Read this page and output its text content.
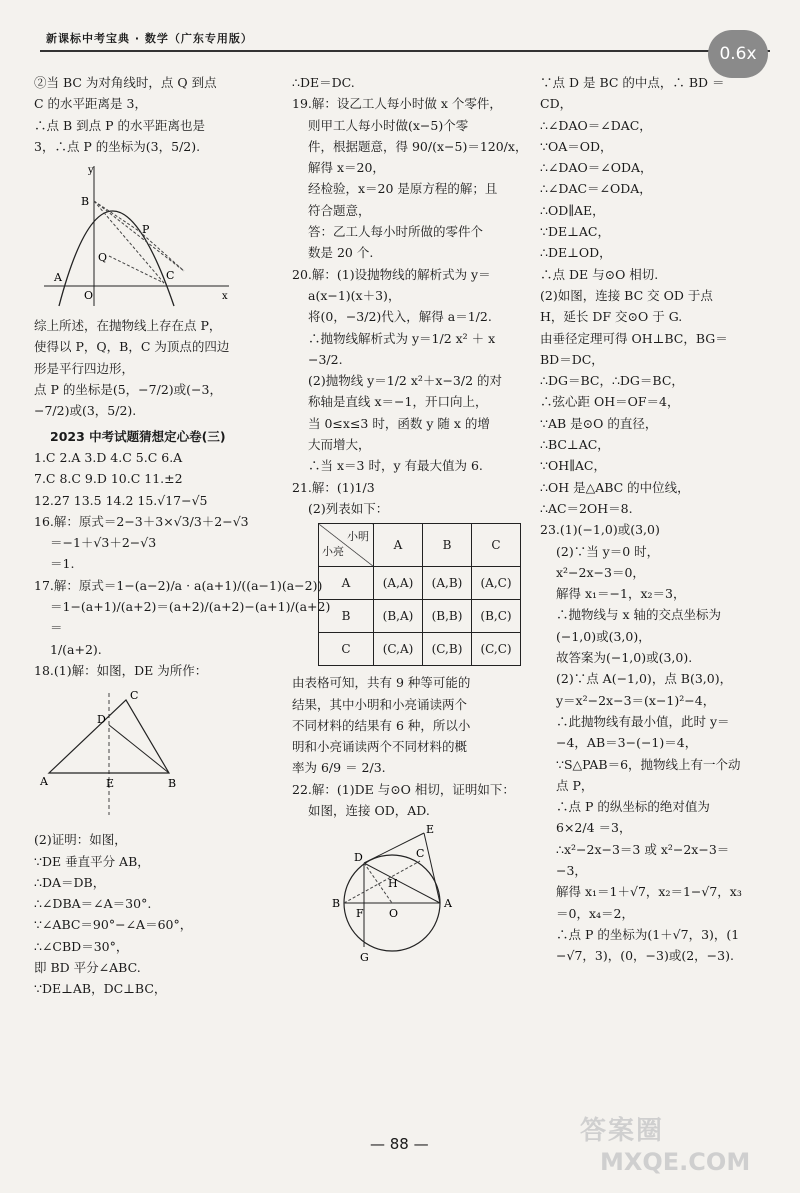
新课标中考宝典 · 数学（广东专用版）
0.6x
②当 BC 为对角线时，点 Q 到点
C 的水平距离是 3，
∴点 B 到点 P 的水平距离也是
3，∴点 P 的坐标为(3，5/2).
y
B
A
O	x
Q
P
C
综上所述，在抛物线上存在点 P，
使得以 P，Q，B，C 为顶点的四边
形是平行四边形，
点 P 的坐标是(5，−7/2)或(−3，
−7/2)或(3，5/2).
2023 中考试题猜想定心卷(三)
1.C 2.A 3.D 4.C 5.C 6.A
7.C 8.C 9.D 10.C 11.±2
12.27 13.5 14.2 15.√17−√5
16.解：原式＝2−3＋3×√3/3＋2−√3
＝−1＋√3＋2−√3
＝1.
17.解：原式＝1−(a−2)/a · a(a+1)/((a−1)(a−2))
＝1−(a+1)/(a+2)＝(a+2)/(a+2)−(a+1)/(a+2)
＝
1/(a+2).
18.(1)解：如图，DE 为所作：
C
D
A	E	B
(2)证明：如图，
∵DE 垂直平分 AB，
∴DA＝DB，
∴∠DBA＝∠A＝30°.
∵∠ABC＝90°−∠A＝60°，
∴∠CBD＝30°，
即 BD 平分∠ABC.
∵DE⊥AB，DC⊥BC，
∴DE＝DC.
19.解：设乙工人每小时做 x 个零件，
则甲工人每小时做(x−5)个零
件，根据题意，得 90/(x−5)＝120/x，
解得 x＝20，
经检验，x＝20 是原方程的解；且
符合题意，
答：乙工人每小时所做的零件个
数是 20 个.
20.解：(1)设抛物线的解析式为 y＝
a(x−1)(x＋3)，
将(0，−3/2)代入，解得 a＝1/2.
∴抛物线解析式为 y＝1/2 x² ＋ x
−3/2.
(2)抛物线 y＝1/2 x²＋x−3/2 的对
称轴是直线 x＝−1，开口向上，
当 0≤x≤3 时，函数 y 随 x 的增
大而增大，
∴当 x＝3 时，y 有最大值为 6.
21.解：(1)1/3
(2)列表如下：
小明
小亮	A	B	C
A	(A,A)	(A,B)	(A,C)
B	(B,A)	(B,B)	(B,C)
C	(C,A)	(C,B)	(C,C)
由表格可知，共有 9 种等可能的
结果，其中小明和小亮诵读两个
不同材料的结果有 6 种，所以小
明和小亮诵读两个不同材料的概
率为 6/9 ＝ 2/3.
22.解：(1)DE 与⊙O 相切，证明如下：
如图，连接 OD，AD.
E
D	C
H
B
F O
A
G
∵点 D 是 BC 的中点，∴ BD ＝
CD，
∴∠DAO＝∠DAC，
∵OA＝OD，
∴∠DAO＝∠ODA，
∴∠DAC＝∠ODA，
∴OD∥AE，
∵DE⊥AC，
∴DE⊥OD，
∴点 DE 与⊙O 相切.
(2)如图，连接 BC 交 OD 于点
H，延长 DF 交⊙O 于 G.
由垂径定理可得 OH⊥BC，BG＝
BD＝DC，
∴DG＝BC，∴DG＝BC，
∴弦心距 OH＝OF＝4，
∵AB 是⊙O 的直径，
∴BC⊥AC，
∵OH∥AC，
∴OH 是△ABC 的中位线，
∴AC＝2OH＝8.
23.(1)(−1,0)或(3,0)
(2)∵当 y＝0 时，
x²−2x−3＝0，
解得 x₁＝−1，x₂＝3，
∴抛物线与 x 轴的交点坐标为
(−1,0)或(3,0)，
故答案为(−1,0)或(3,0).
(2)∵点 A(−1,0)，点 B(3,0)，
y＝x²−2x−3＝(x−1)²−4，
∴此抛物线有最小值，此时 y＝
−4，AB＝3−(−1)＝4，
∵S△PAB＝6，抛物线上有一个动
点 P，
∴点 P 的纵坐标的绝对值为
6×2/4 ＝3，
∴x²−2x−3＝3 或 x²−2x−3＝
−3，
解得 x₁＝1＋√7，x₂＝1−√7，x₃
＝0，x₄＝2，
∴点 P 的坐标为(1＋√7，3)，(1
−√7，3)，(0，−3)或(2，−3).
— 88 —	答案圈
MXQE.COM
